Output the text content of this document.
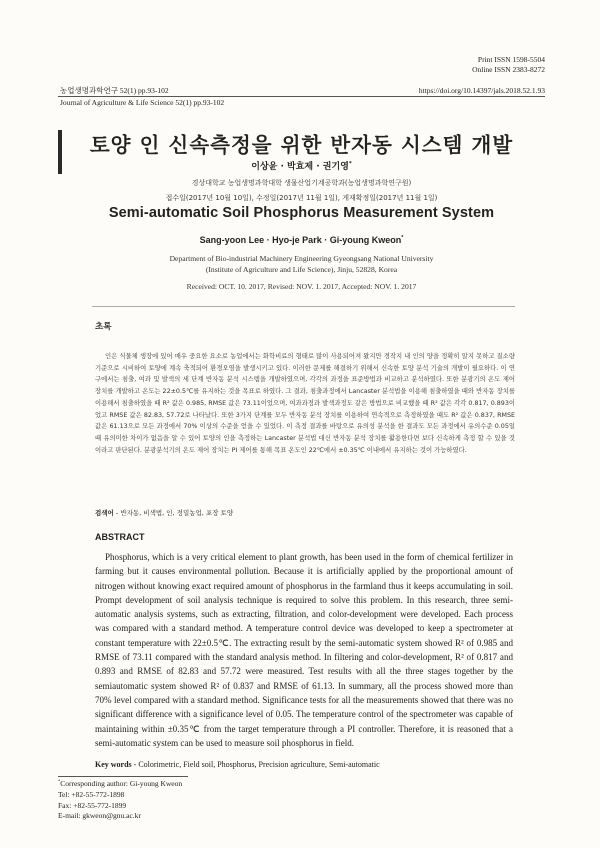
Print ISSN 1598-5504
Online ISSN 2383-8272
농업생명과학연구 52(1) pp.93-102	https://doi.org/10.14397/jals.2018.52.1.93
Journal of Agriculture & Life Science 52(1) pp.93-102
토양 인 신속측정을 위한 반자동 시스템 개발
이상윤 · 박효제 · 권기영*
경상대학교 농업생명과학대학 생물산업기계공학과(농업생명과학연구원)
접수일(2017년 10월 10일), 수정일(2017년 11월 1일), 게재확정일(2017년 11월 1일)
Semi-automatic Soil Phosphorus Measurement System
Sang-yoon Lee · Hyo-je Park · Gi-young Kweon*
Department of Bio-industrial Machinery Engineering Gyeongsang National University
(Institute of Agriculture and Life Science), Jinju, 52828, Korea
Received: OCT. 10. 2017, Revised: NOV. 1. 2017, Accepted: NOV. 1. 2017
초록
인은 식물체 생장에 있어 매우 중요한 요소로 농업에서는 화학비료의 형태로 많이 사용되어져 왔지만 경작지 내 인의 양을 정확히 알지 못하고 질소량 기준으로 시비하여 토양에 계속 축적되어 환경오염을 발생시키고 있다. 이러한 문제를 해결하기 위해서 신속한 토양 분석 기술의 개발이 필요하다. 이 연구에서는 침출, 여과 및 발색의 세 단계 반자동 분석 시스템을 개발하였으며, 각각의 과정을 표준방법과 비교하고 분석하였다. 또한 분광기의 온도 제어 장치를 개발하고 온도는 22±0.5℃를 유지하는 것을 목표로 하였다. 그 결과, 침출과정에서 Lancaster 분석법을 이용해 침출하였을 때와 반자동 장치를 이용해서 침출하였을 때 R² 값은 0.985, RMSE 값은 73.11이었으며, 여과과정과 발색과정도 같은 방법으로 비교했을 때 R² 값은 각각 0.817, 0.893이었고 RMSE 값은 82.83, 57.72로 나타났다. 또한 3가지 단계를 모두 반자동 분석 장치를 이용하여 연속적으로 측정하였을 때도 R² 값은 0.837, RMSE 값은 61.13으로 모든 과정에서 70% 이상의 수준을 얻을 수 있었다. 이 측정 결과를 바탕으로 유의성 분석을 한 결과도 모든 과정에서 유의수준 0.05일 때 유의미한 차이가 없음을 알 수 있어 토양의 인을 측정하는 Lancaster 분석법 대신 반자동 분석 장치를 활용한다면 보다 신속하게 측정 할 수 있을 것이라고 판단된다. 분광분석기의 온도 제어 장치는 PI 제어를 통해 목표 온도인 22℃에서 ±0.35℃ 이내에서 유지하는 것이 가능하였다.
검색어 - 반자동, 비색법, 인, 정밀농업, 포장 토양
ABSTRACT
Phosphorus, which is a very critical element to plant growth, has been used in the form of chemical fertilizer in farming but it causes environmental pollution. Because it is artificially applied by the proportional amount of nitrogen without knowing exact required amount of phosphorus in the farmland thus it keeps accumulating in soil. Prompt development of soil analysis technique is required to solve this problem. In this research, three semi-automatic analysis systems, such as extracting, filtration, and color-development were developed. Each process was compared with a standard method. A temperature control device was developed to keep a spectrometer at constant temperature with 22±0.5℃. The extracting result by the semi-automatic system showed R² of 0.985 and RMSE of 73.11 compared with the standard analysis method. In filtering and color-development, R² of 0.817 and 0.893 and RMSE of 82.83 and 57.72 were measured. Test results with all the three stages together by the semiautomatic system showed R² of 0.837 and RMSE of 61.13. In summary, all the process showed more than 70% level compared with a standard method. Significance tests for all the measurements showed that there was no significant difference with a significance level of 0.05. The temperature control of the spectrometer was capable of maintaining within ±0.35℃ from the target temperature through a PI controller. Therefore, it is reasoned that a semi-automatic system can be used to measure soil phosphorus in field.
Key words - Colorimetric, Field soil, Phosphorus, Precision agriculture, Semi-automatic
*Corresponding author: Gi-young Kweon
Tel: +82-55-772-1898
Fax: +82-55-772-1899
E-mail: gkweon@gnu.ac.kr
